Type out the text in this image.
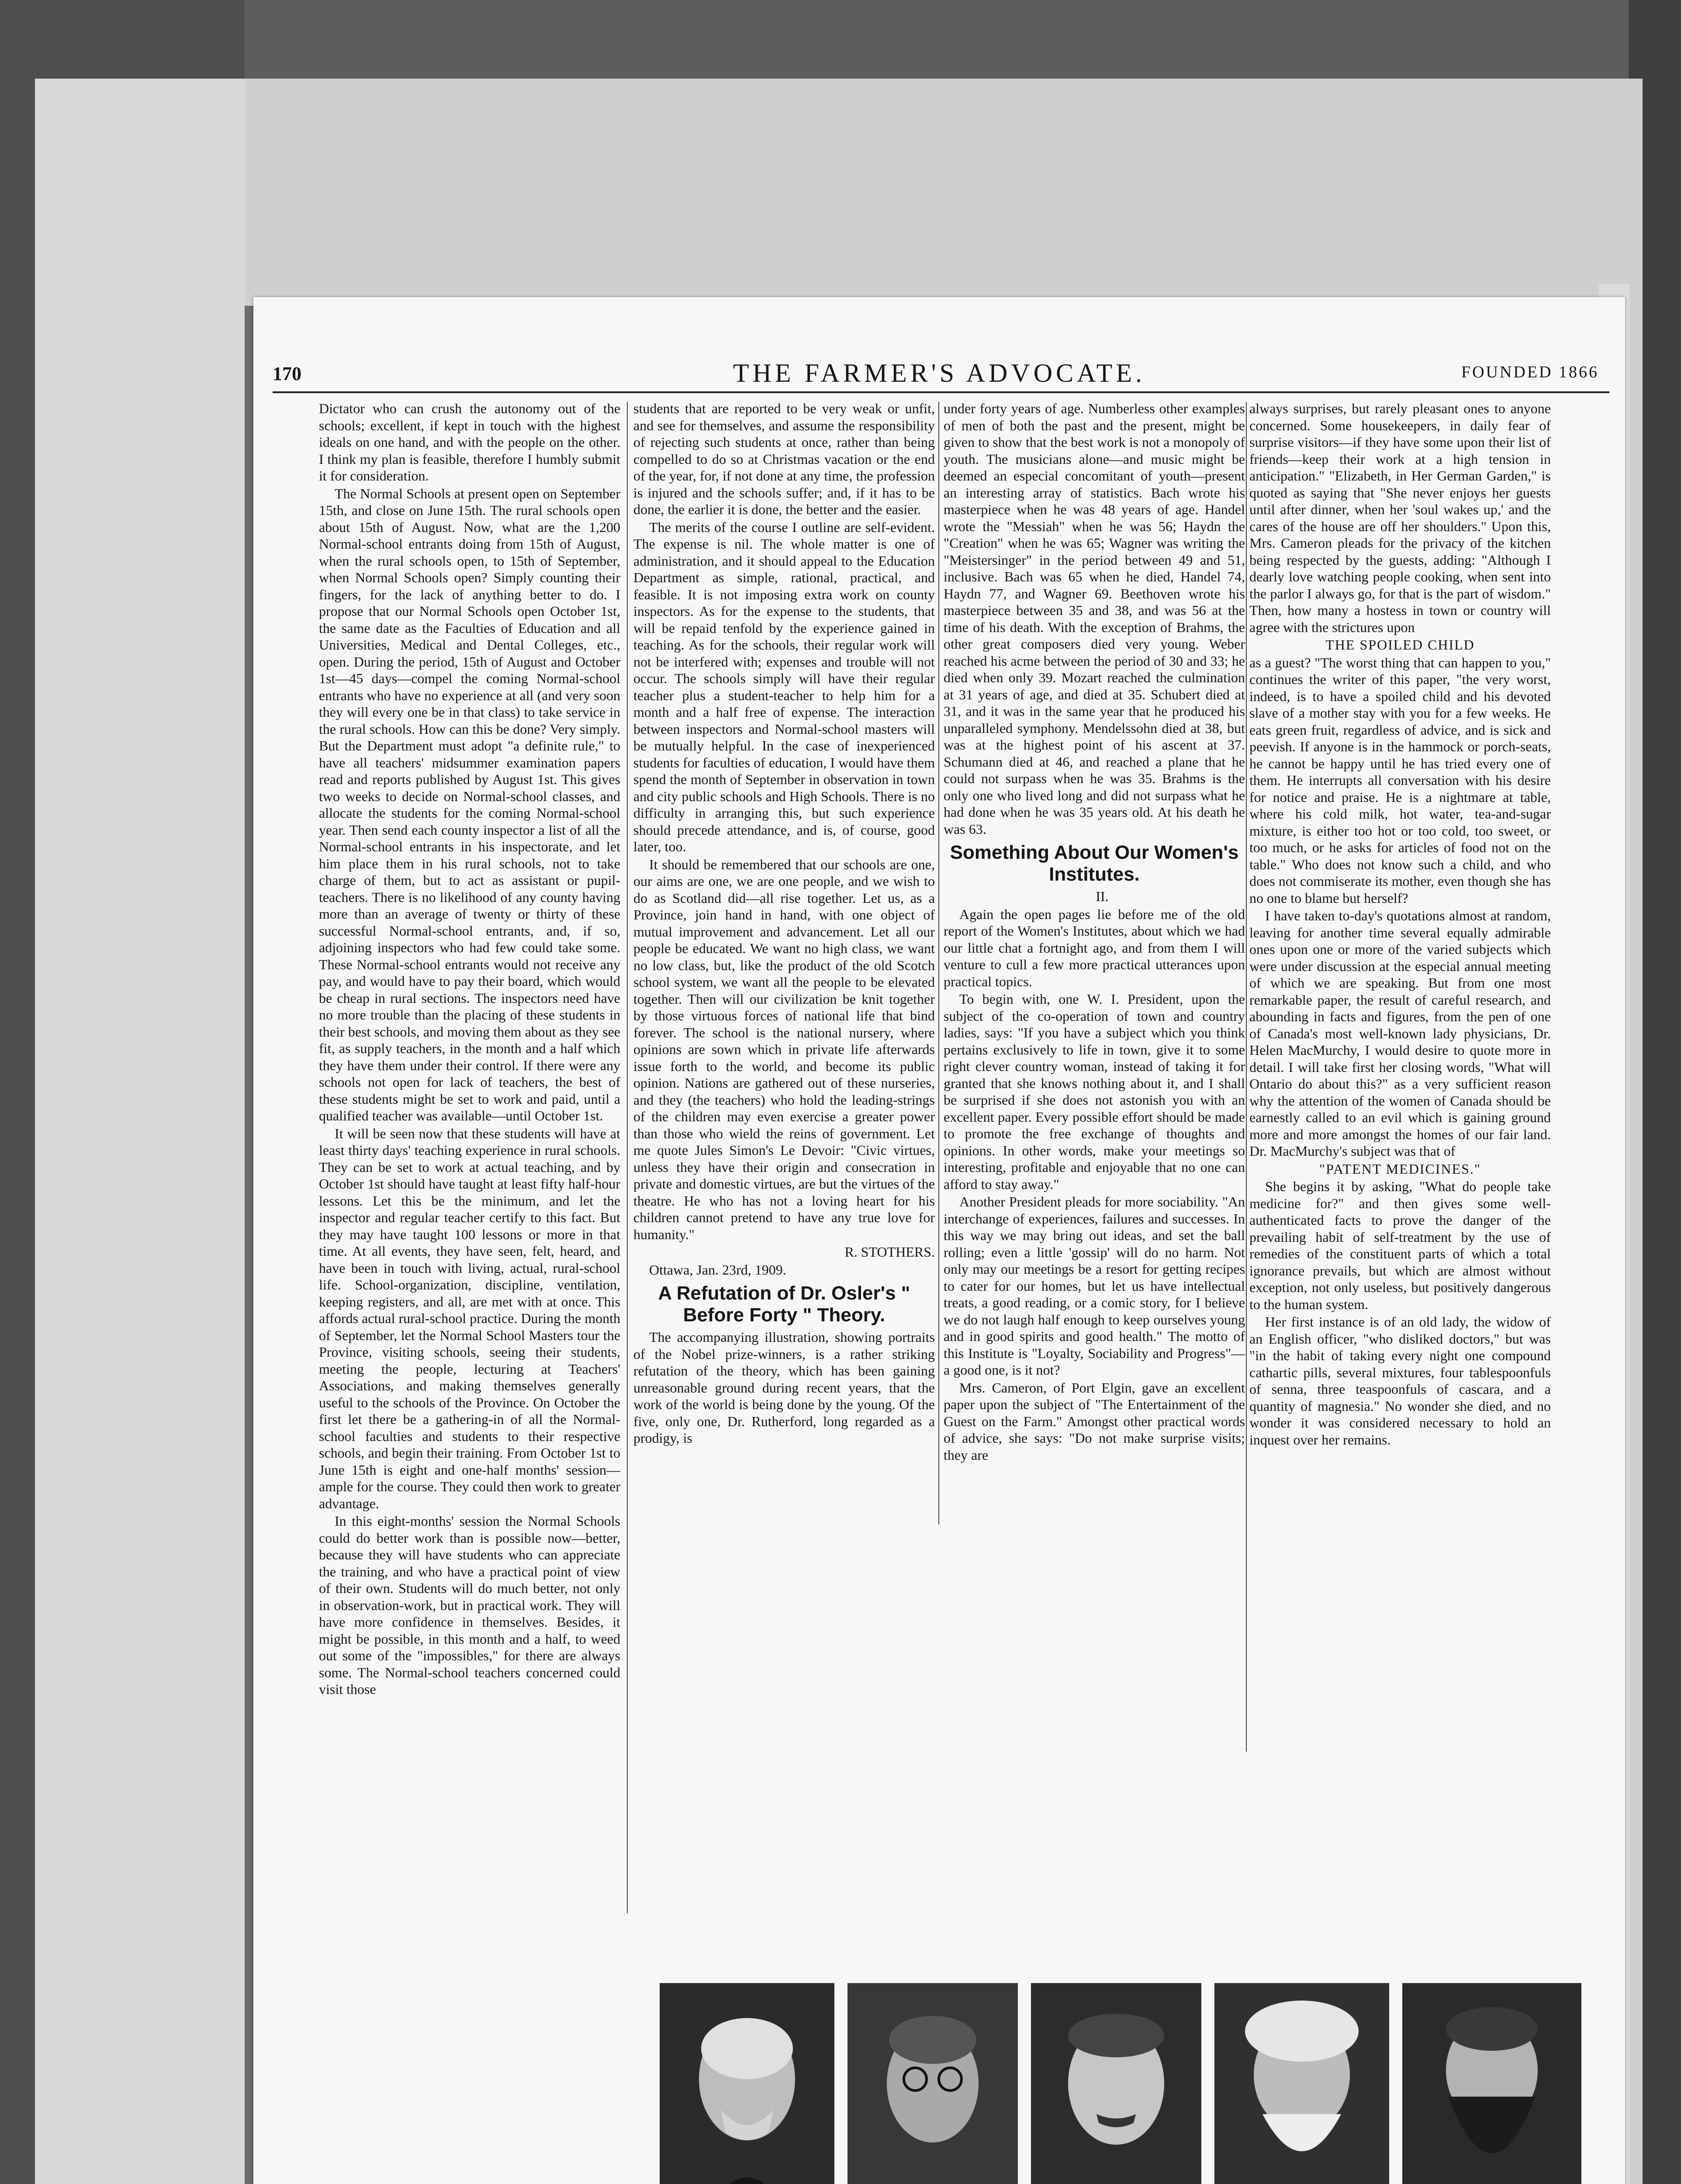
170	THE FARMER'S ADVOCATE.	FOUNDED 1866

Dictator who can crush the autonomy out of the schools; excellent, if kept in touch with the highest ideals on one hand, and with the people on the other. I think my plan is feasible, therefore I humbly submit it for consideration.

The Normal Schools at present open on September 15th, and close on June 15th. The rural schools open about 15th of August. Now, what are the 1,200 Normal-school entrants doing from 15th of August, when the rural schools open, to 15th of September, when Normal Schools open? Simply counting their fingers, for the lack of anything better to do. I propose that our Normal Schools open October 1st, the same date as the Faculties of Education and all Universities, Medical and Dental Colleges, etc., open. During the period, 15th of August and October 1st—45 days—compel the coming Normal-school entrants who have no experience at all (and very soon they will every one be in that class) to take service in the rural schools. How can this be done? Very simply. But the Department must adopt "a definite rule," to have all teachers' midsummer examination papers read and reports published by August 1st. This gives two weeks to decide on Normal-school classes, and allocate the students for the coming Normal-school year. Then send each county inspector a list of all the Normal-school entrants in his inspectorate, and let him place them in his rural schools, not to take charge of them, but to act as assistant or pupil-teachers. There is no likelihood of any county having more than an average of twenty or thirty of these successful Normal-school entrants, and, if so, adjoining inspectors who had few could take some. These Normal-school entrants would not receive any pay, and would have to pay their board, which would be cheap in rural sections. The inspectors need have no more trouble than the placing of these students in their best schools, and moving them about as they see fit, as supply teachers, in the month and a half which they have them under their control. If there were any schools not open for lack of teachers, the best of these students might be set to work and paid, until a qualified teacher was available—until October 1st.

It will be seen now that these students will have at least thirty days' teaching experience in rural schools. They can be set to work at actual teaching, and by October 1st should have taught at least fifty half-hour lessons. Let this be the minimum, and let the inspector and regular teacher certify to this fact. But they may have taught 100 lessons or more in that time. At all events, they have seen, felt, heard, and have been in touch with living, actual, rural-school life. School-organization, discipline, ventilation, keeping registers, and all, are met with at once. This affords actual rural-school practice. During the month of September, let the Normal School Masters tour the Province, visiting schools, seeing their students, meeting the people, lecturing at Teachers' Associations, and making themselves generally useful to the schools of the Province. On October the first let there be a gathering-in of all the Normal-school faculties and students to their respective schools, and begin their training. From October 1st to June 15th is eight and one-half months' session—ample for the course. They could then work to greater advantage.

In this eight-months' session the Normal Schools could do better work than is possible now—better, because they will have students who can appreciate the training, and who have a practical point of view of their own. Students will do much better, not only in observation-work, but in practical work. They will have more confidence in themselves. Besides, it might be possible, in this month and a half, to weed out some of the "impossibles," for there are always some. The Normal-school teachers concerned could visit those

students that are reported to be very weak or unfit, and see for themselves, and assume the responsibility of rejecting such students at once, rather than being compelled to do so at Christmas vacation or the end of the year, for, if not done at any time, the profession is injured and the schools suffer; and, if it has to be done, the earlier it is done, the better and the easier.

The merits of the course I outline are self-evident. The expense is nil. The whole matter is one of administration, and it should appeal to the Education Department as simple, rational, practical, and feasible. It is not imposing extra work on county inspectors. As for the expense to the students, that will be repaid tenfold by the experience gained in teaching. As for the schools, their regular work will not be interfered with; expenses and trouble will not occur. The schools simply will have their regular teacher plus a student-teacher to help him for a month and a half free of expense. The interaction between inspectors and Normal-school masters will be mutually helpful. In the case of inexperienced students for faculties of education, I would have them spend the month of September in observation in town and city public schools and High Schools. There is no difficulty in arranging this, but such experience should precede attendance, and is, of course, good later, too.

It should be remembered that our schools are one, our aims are one, we are one people, and we wish to do as Scotland did—all rise together. Let us, as a Province, join hand in hand, with one object of mutual improvement and advancement. Let all our people be educated. We want no high class, we want no low class, but, like the product of the old Scotch school system, we want all the people to be elevated together. Then will our civilization be knit together by those virtuous forces of national life that bind forever. The school is the national nursery, where opinions are sown which in private life afterwards issue forth to the world, and become its public opinion. Nations are gathered out of these nurseries, and they (the teachers) who hold the leading-strings of the children may even exercise a greater power than those who wield the reins of government. Let me quote Jules Simon's Le Devoir: "Civic virtues, unless they have their origin and consecration in private and domestic virtues, are but the virtues of the theatre. He who has not a loving heart for his children cannot pretend to have any true love for humanity."

R. STOTHERS.

Ottawa, Jan. 23rd, 1909.

A Refutation of Dr. Osler's " Before Forty " Theory.

The accompanying illustration, showing portraits of the Nobel prize-winners, is a rather striking refutation of the theory, which has been gaining unreasonable ground during recent years, that the work of the world is being done by the young. Of the five, only one, Dr. Rutherford, long regarded as a prodigy, is

under forty years of age. Numberless other examples of men of both the past and the present, might be given to show that the best work is not a monopoly of youth. The musicians alone—and music might be deemed an especial concomitant of youth—present an interesting array of statistics. Bach wrote his masterpiece when he was 48 years of age. Handel wrote the "Messiah" when he was 56; Haydn the "Creation" when he was 65; Wagner was writing the "Meistersinger" in the period between 49 and 51, inclusive. Bach was 65 when he died, Handel 74, Haydn 77, and Wagner 69. Beethoven wrote his masterpiece between 35 and 38, and was 56 at the time of his death. With the exception of Brahms, the other great composers died very young. Weber reached his acme between the period of 30 and 33; he died when only 39. Mozart reached the culmination at 31 years of age, and died at 35. Schubert died at 31, and it was in the same year that he produced his unparalleled symphony. Mendelssohn died at 38, but was at the highest point of his ascent at 37. Schumann died at 46, and reached a plane that he could not surpass when he was 35. Brahms is the only one who lived long and did not surpass what he had done when he was 35 years old. At his death he was 63.

Something About Our Women's Institutes.

II.

Again the open pages lie before me of the old report of the Women's Institutes, about which we had our little chat a fortnight ago, and from them I will venture to cull a few more practical utterances upon practical topics.

To begin with, one W. I. President, upon the subject of the co-operation of town and country ladies, says: "If you have a subject which you think pertains exclusively to life in town, give it to some right clever country woman, instead of taking it for granted that she knows nothing about it, and I shall be surprised if she does not astonish you with an excellent paper. Every possible effort should be made to promote the free exchange of thoughts and opinions. In other words, make your meetings so interesting, profitable and enjoyable that no one can afford to stay away."

Another President pleads for more sociability. "An interchange of experiences, failures and successes. In this way we may bring out ideas, and set the ball rolling; even a little 'gossip' will do no harm. Not only may our meetings be a resort for getting recipes to cater for our homes, but let us have intellectual treats, a good reading, or a comic story, for I believe we do not laugh half enough to keep ourselves young and in good spirits and good health." The motto of this Institute is "Loyalty, Sociability and Progress"—a good one, is it not?

Mrs. Cameron, of Port Elgin, gave an excellent paper upon the subject of "The Entertainment of the Guest on the Farm." Amongst other practical words of advice, she says: "Do not make surprise visits; they are

always surprises, but rarely pleasant ones to anyone concerned. Some housekeepers, in daily fear of surprise visitors—if they have some upon their list of friends—keep their work at a high tension in anticipation." "Elizabeth, in Her German Garden," is quoted as saying that "She never enjoys her guests until after dinner, when her 'soul wakes up,' and the cares of the house are off her shoulders." Upon this, Mrs. Cameron pleads for the privacy of the kitchen being respected by the guests, adding: "Although I dearly love watching people cooking, when sent into the parlor I always go, for that is the part of wisdom." Then, how many a hostess in town or country will agree with the strictures upon

THE SPOILED CHILD

as a guest? "The worst thing that can happen to you," continues the writer of this paper, "the very worst, indeed, is to have a spoiled child and his devoted slave of a mother stay with you for a few weeks. He eats green fruit, regardless of advice, and is sick and peevish. If anyone is in the hammock or porch-seats, he cannot be happy until he has tried every one of them. He interrupts all conversation with his desire for notice and praise. He is a nightmare at table, where his cold milk, hot water, tea-and-sugar mixture, is either too hot or too cold, too sweet, or too much, or he asks for articles of food not on the table." Who does not know such a child, and who does not commiserate its mother, even though she has no one to blame but herself?

I have taken to-day's quotations almost at random, leaving for another time several equally admirable ones upon one or more of the varied subjects which were under discussion at the especial annual meeting of which we are speaking. But from one most remarkable paper, the result of careful research, and abounding in facts and figures, from the pen of one of Canada's most well-known lady physicians, Dr. Helen MacMurchy, I would desire to quote more in detail. I will take first her closing words, "What will Ontario do about this?" as a very sufficient reason why the attention of the women of Canada should be earnestly called to an evil which is gaining ground more and more amongst the homes of our fair land. Dr. MacMurchy's subject was that of

"PATENT MEDICINES."

She begins it by asking, "What do people take medicine for?" and then gives some well-authenticated facts to prove the danger of the prevailing habit of self-treatment by the use of remedies of the constituent parts of which a total ignorance prevails, but which are almost without exception, not only useless, but positively dangerous to the human system.

Her first instance is of an old lady, the widow of an English officer, "who disliked doctors," but was "in the habit of taking every night one compound cathartic pills, several mixtures, four tablespoonfuls of senna, three teaspoonfuls of cascara, and a quantity of magnesia." No wonder she died, and no wonder it was considered necessary to hold an inquest over her remains.
